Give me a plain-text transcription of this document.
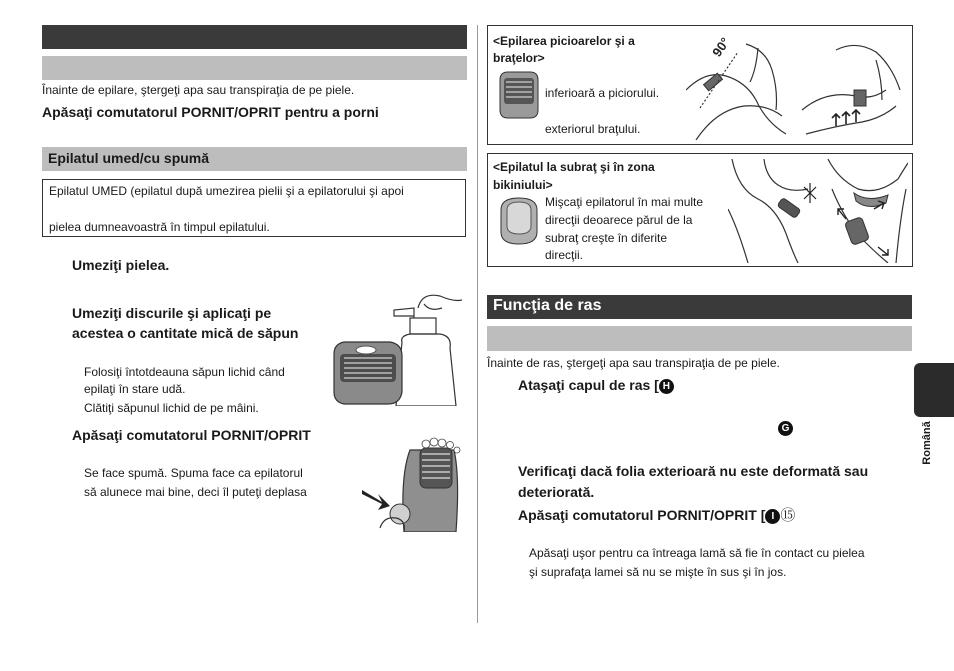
Înainte de epilare, ştergeţi apa sau transpiraţia de pe piele.
Apăsaţi comutatorul PORNIT/OPRIT pentru a porni
Epilatul umed/cu spumă
Epilatul UMED (epilatul după umezirea pielii şi a epilatorului şi apoi
pielea dumneavoastră în timpul epilatului.
Umeziţi pielea.
Umeziţi discurile şi aplicaţi pe
acestea o cantitate mică de săpun
Folosiţi întotdeauna săpun lichid când
epilaţi în stare udă.
Clătiţi săpunul lichid de pe mâini.
Apăsaţi comutatorul PORNIT/OPRIT
Se face spumă. Spuma face ca epilatorul
să alunece mai bine, deci îl puteţi deplasa
<Epilarea picioarelor şi a
braţelor>
inferioară a piciorului.
exteriorul braţului.
90°
<Epilatul la subraţ şi în zona
bikiniului>
Mişcaţi epilatorul în mai multe
direcţii deoarece părul de la
subraţ creşte în diferite
direcţii.
Funcţia de ras
Înainte de ras, ştergeţi apa sau transpiraţia de pe piele.
Ataşaţi capul de ras [ H
G
Verificaţi dacă folia exterioară nu este deformată sau
deteriorată.
Apăsaţi comutatorul PORNIT/OPRIT [ I ⑮
Apăsaţi uşor pentru ca întreaga lamă să fie în contact cu pielea
şi suprafaţa lamei să nu se mişte în sus şi în jos.
Română
